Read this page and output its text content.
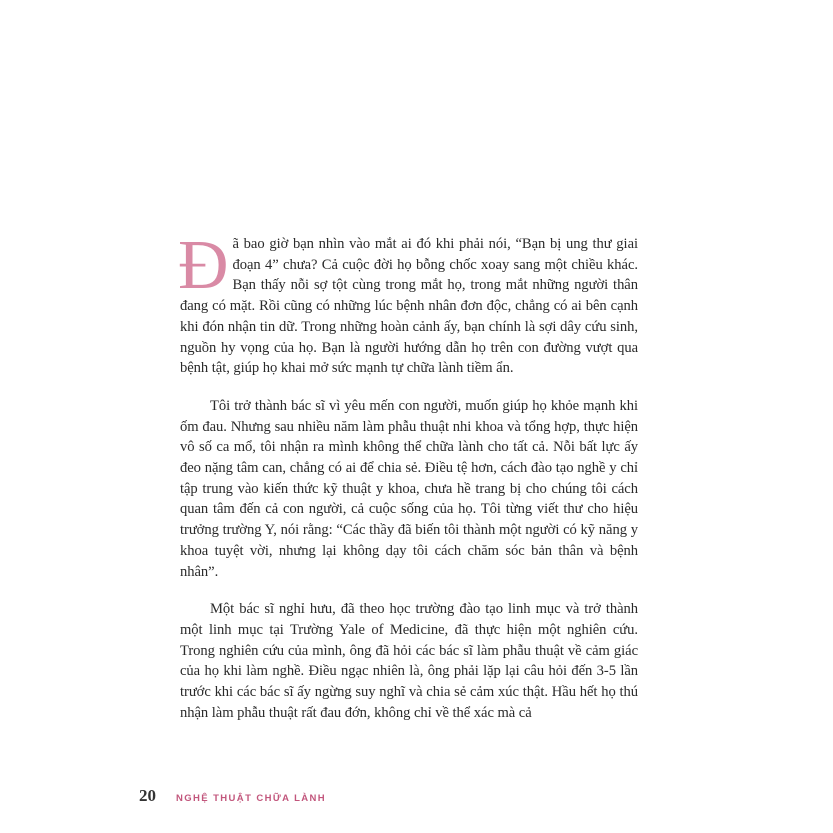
Đã bao giờ bạn nhìn vào mắt ai đó khi phải nói, “Bạn bị ung thư giai đoạn 4” chưa? Cả cuộc đời họ bỗng chốc xoay sang một chiều khác. Bạn thấy nỗi sợ tột cùng trong mắt họ, trong mắt những người thân đang có mặt. Rồi cũng có những lúc bệnh nhân đơn độc, chẳng có ai bên cạnh khi đón nhận tin dữ. Trong những hoàn cảnh ấy, bạn chính là sợi dây cứu sinh, nguồn hy vọng của họ. Bạn là người hướng dẫn họ trên con đường vượt qua bệnh tật, giúp họ khai mở sức mạnh tự chữa lành tiềm ẩn.

Tôi trở thành bác sĩ vì yêu mến con người, muốn giúp họ khỏe mạnh khi ốm đau. Nhưng sau nhiều năm làm phẫu thuật nhi khoa và tổng hợp, thực hiện vô số ca mổ, tôi nhận ra mình không thể chữa lành cho tất cả. Nỗi bất lực ấy đeo nặng tâm can, chẳng có ai để chia sẻ. Điều tệ hơn, cách đào tạo nghề y chỉ tập trung vào kiến thức kỹ thuật y khoa, chưa hề trang bị cho chúng tôi cách quan tâm đến cả con người, cả cuộc sống của họ. Tôi từng viết thư cho hiệu trưởng trường Y, nói rằng: “Các thầy đã biến tôi thành một người có kỹ năng y khoa tuyệt vời, nhưng lại không dạy tôi cách chăm sóc bản thân và bệnh nhân”.

Một bác sĩ nghỉ hưu, đã theo học trường đào tạo linh mục và trở thành một linh mục tại Trường Yale of Medicine, đã thực hiện một nghiên cứu. Trong nghiên cứu của mình, ông đã hỏi các bác sĩ làm phẫu thuật về cảm giác của họ khi làm nghề. Điều ngạc nhiên là, ông phải lặp lại câu hỏi đến 3-5 lần trước khi các bác sĩ ấy ngừng suy nghĩ và chia sẻ cảm xúc thật. Hầu hết họ thú nhận làm phẫu thuật rất đau đớn, không chỉ về thể xác mà cả

20 NGHỆ THUẬT CHỮA LÀNH
